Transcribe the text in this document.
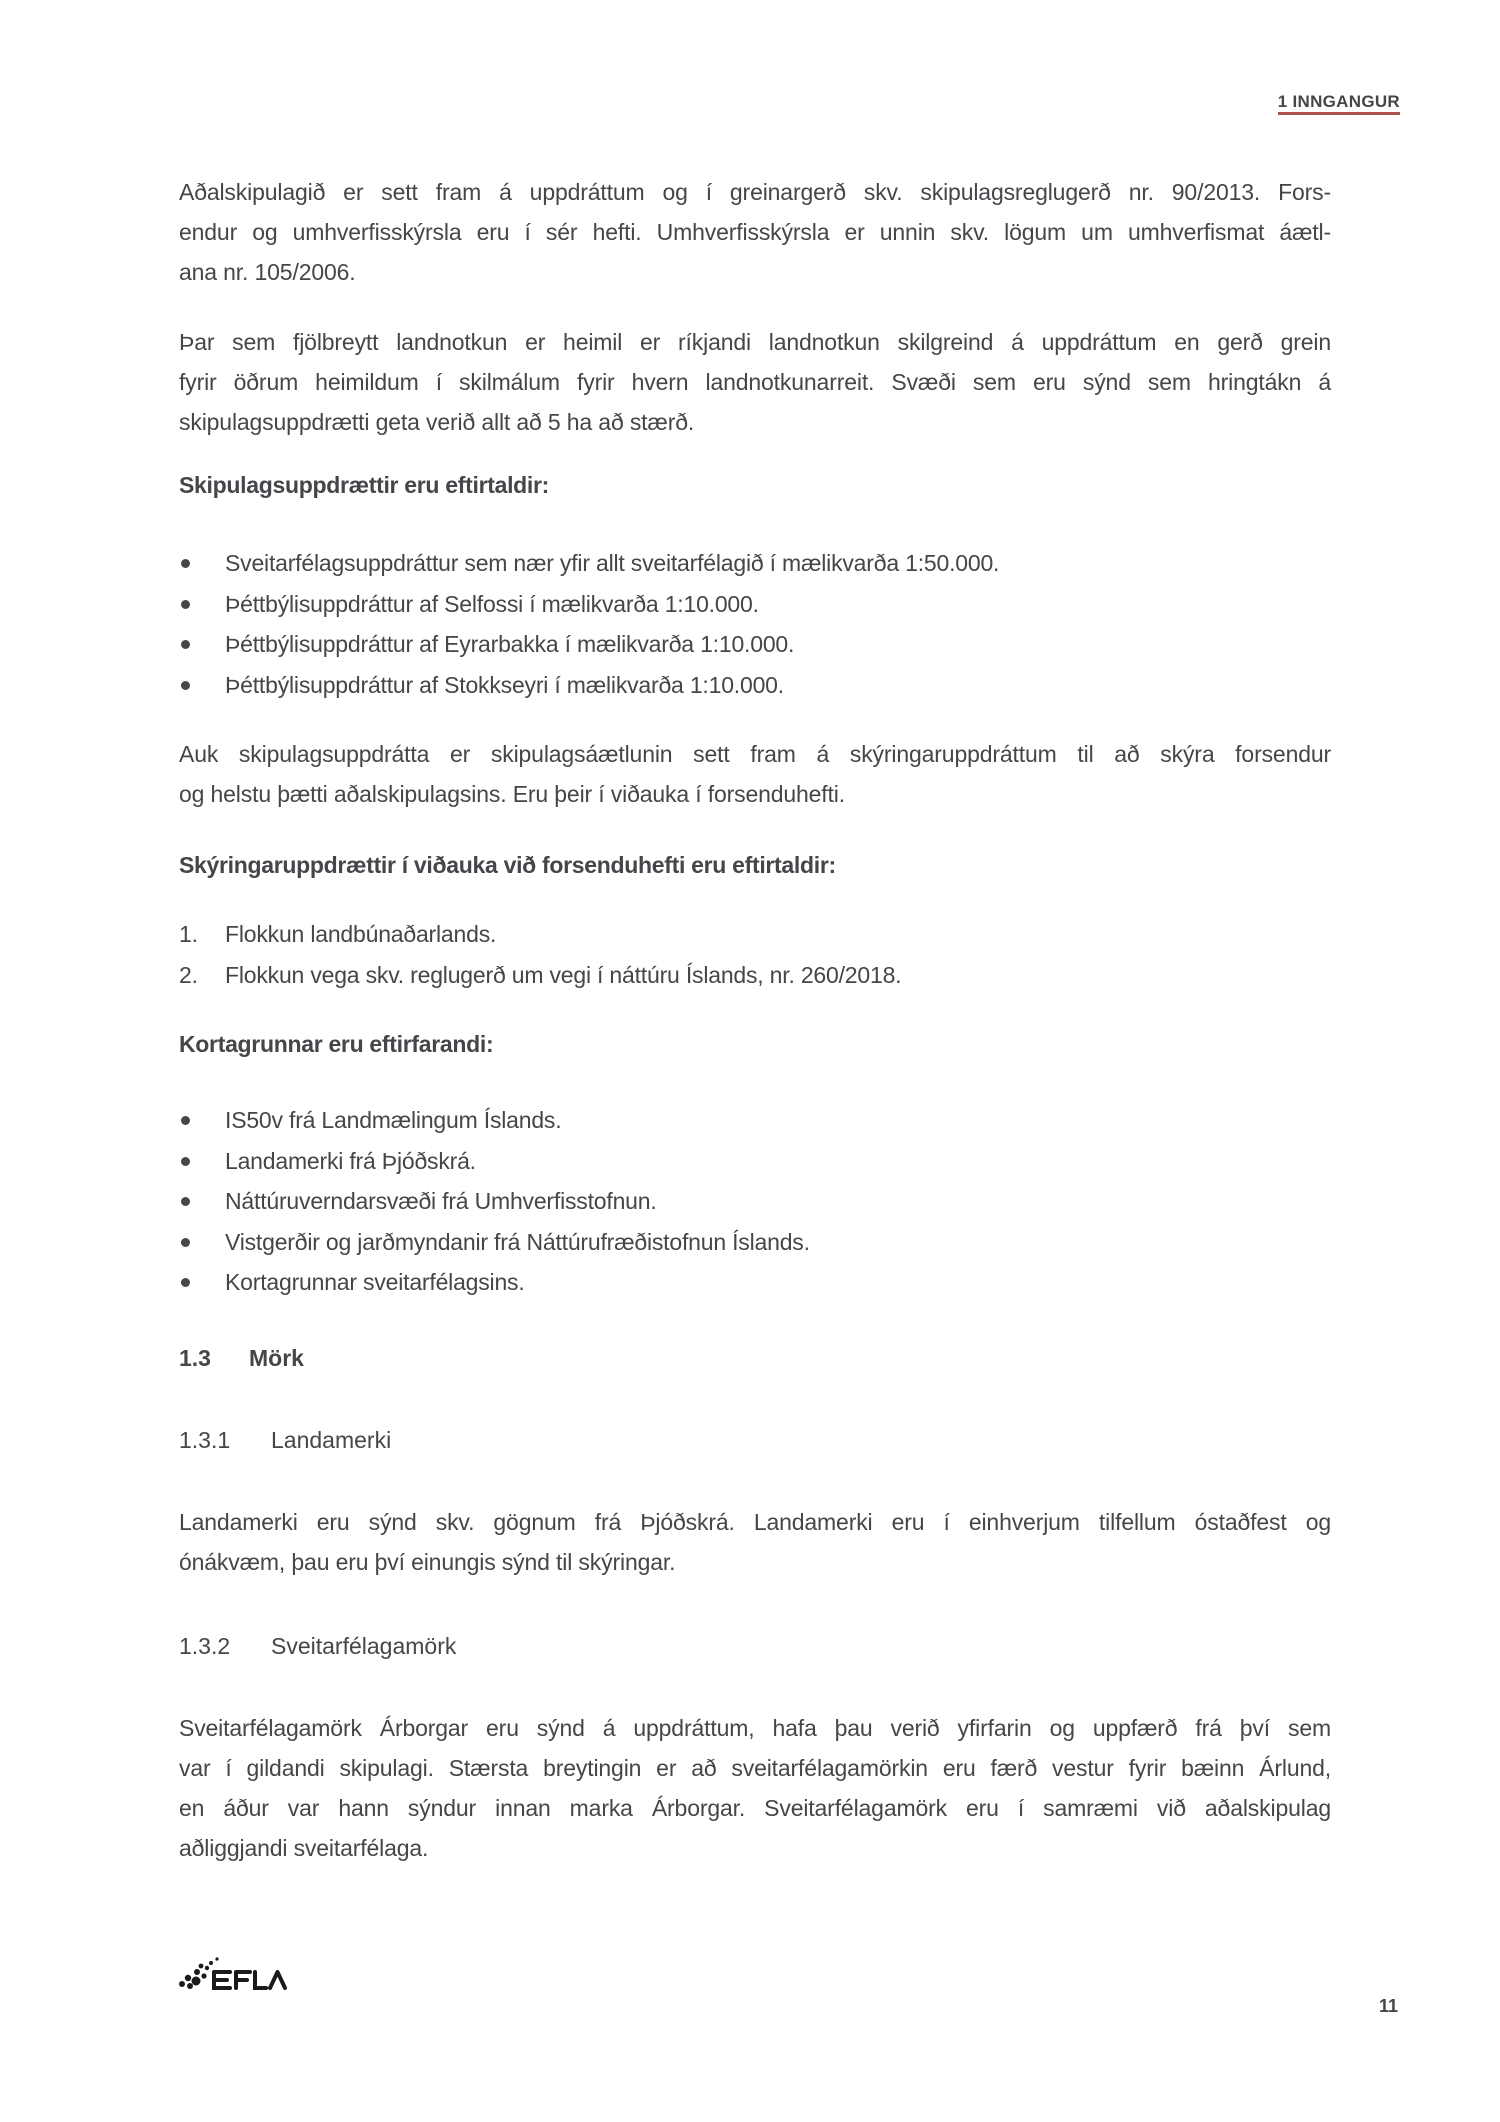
1 INNGANGUR

Aðalskipulagið er sett fram á uppdráttum og í greinargerð skv. skipulagsreglugerð nr. 90/2013. Fors-
endur og umhverfisskýrsla eru í sér hefti. Umhverfisskýrsla er unnin skv. lögum um umhverfismat áætl-
ana nr. 105/2006.

Þar sem fjölbreytt landnotkun er heimil er ríkjandi landnotkun skilgreind á uppdráttum en gerð grein
fyrir öðrum heimildum í skilmálum fyrir hvern landnotkunarreit. Svæði sem eru sýnd sem hringtákn á
skipulagsuppdrætti geta verið allt að 5 ha að stærð.

Skipulagsuppdrættir eru eftirtaldir:

Sveitarfélagsuppdráttur sem nær yfir allt sveitarfélagið í mælikvarða 1:50.000.
Þéttbýlisuppdráttur af Selfossi í mælikvarða 1:10.000.
Þéttbýlisuppdráttur af Eyrarbakka í mælikvarða 1:10.000.
Þéttbýlisuppdráttur af Stokkseyri í mælikvarða 1:10.000.

Auk skipulagsuppdrátta er skipulagsáætlunin sett fram á skýringaruppdráttum til að skýra forsendur
og helstu þætti aðalskipulagsins. Eru þeir í viðauka í forsenduhefti.

Skýringaruppdrættir í viðauka við forsenduhefti eru eftirtaldir:

1.	Flokkun landbúnaðarlands.
2.	Flokkun vega skv. reglugerð um vegi í náttúru Íslands, nr. 260/2018.

Kortagrunnar eru eftirfarandi:

IS50v frá Landmælingum Íslands.
Landamerki frá Þjóðskrá.
Náttúruverndarsvæði frá Umhverfisstofnun.
Vistgerðir og jarðmyndanir frá Náttúrufræðistofnun Íslands.
Kortagrunnar sveitarfélagsins.
1.3 Mörk
1.3.1 Landamerki

Landamerki eru sýnd skv. gögnum frá Þjóðskrá. Landamerki eru í einhverjum tilfellum óstaðfest og
ónákvæm, þau eru því einungis sýnd til skýringar.

1.3.2 Sveitarfélagamörk

Sveitarfélagamörk Árborgar eru sýnd á uppdráttum, hafa þau verið yfirfarin og uppfærð frá því sem
var í gildandi skipulagi. Stærsta breytingin er að sveitarfélagamörkin eru færð vestur fyrir bæinn Árlund,
en áður var hann sýndur innan marka Árborgar. Sveitarfélagamörk eru í samræmi við aðalskipulag
aðliggjandi sveitarfélaga.

11
